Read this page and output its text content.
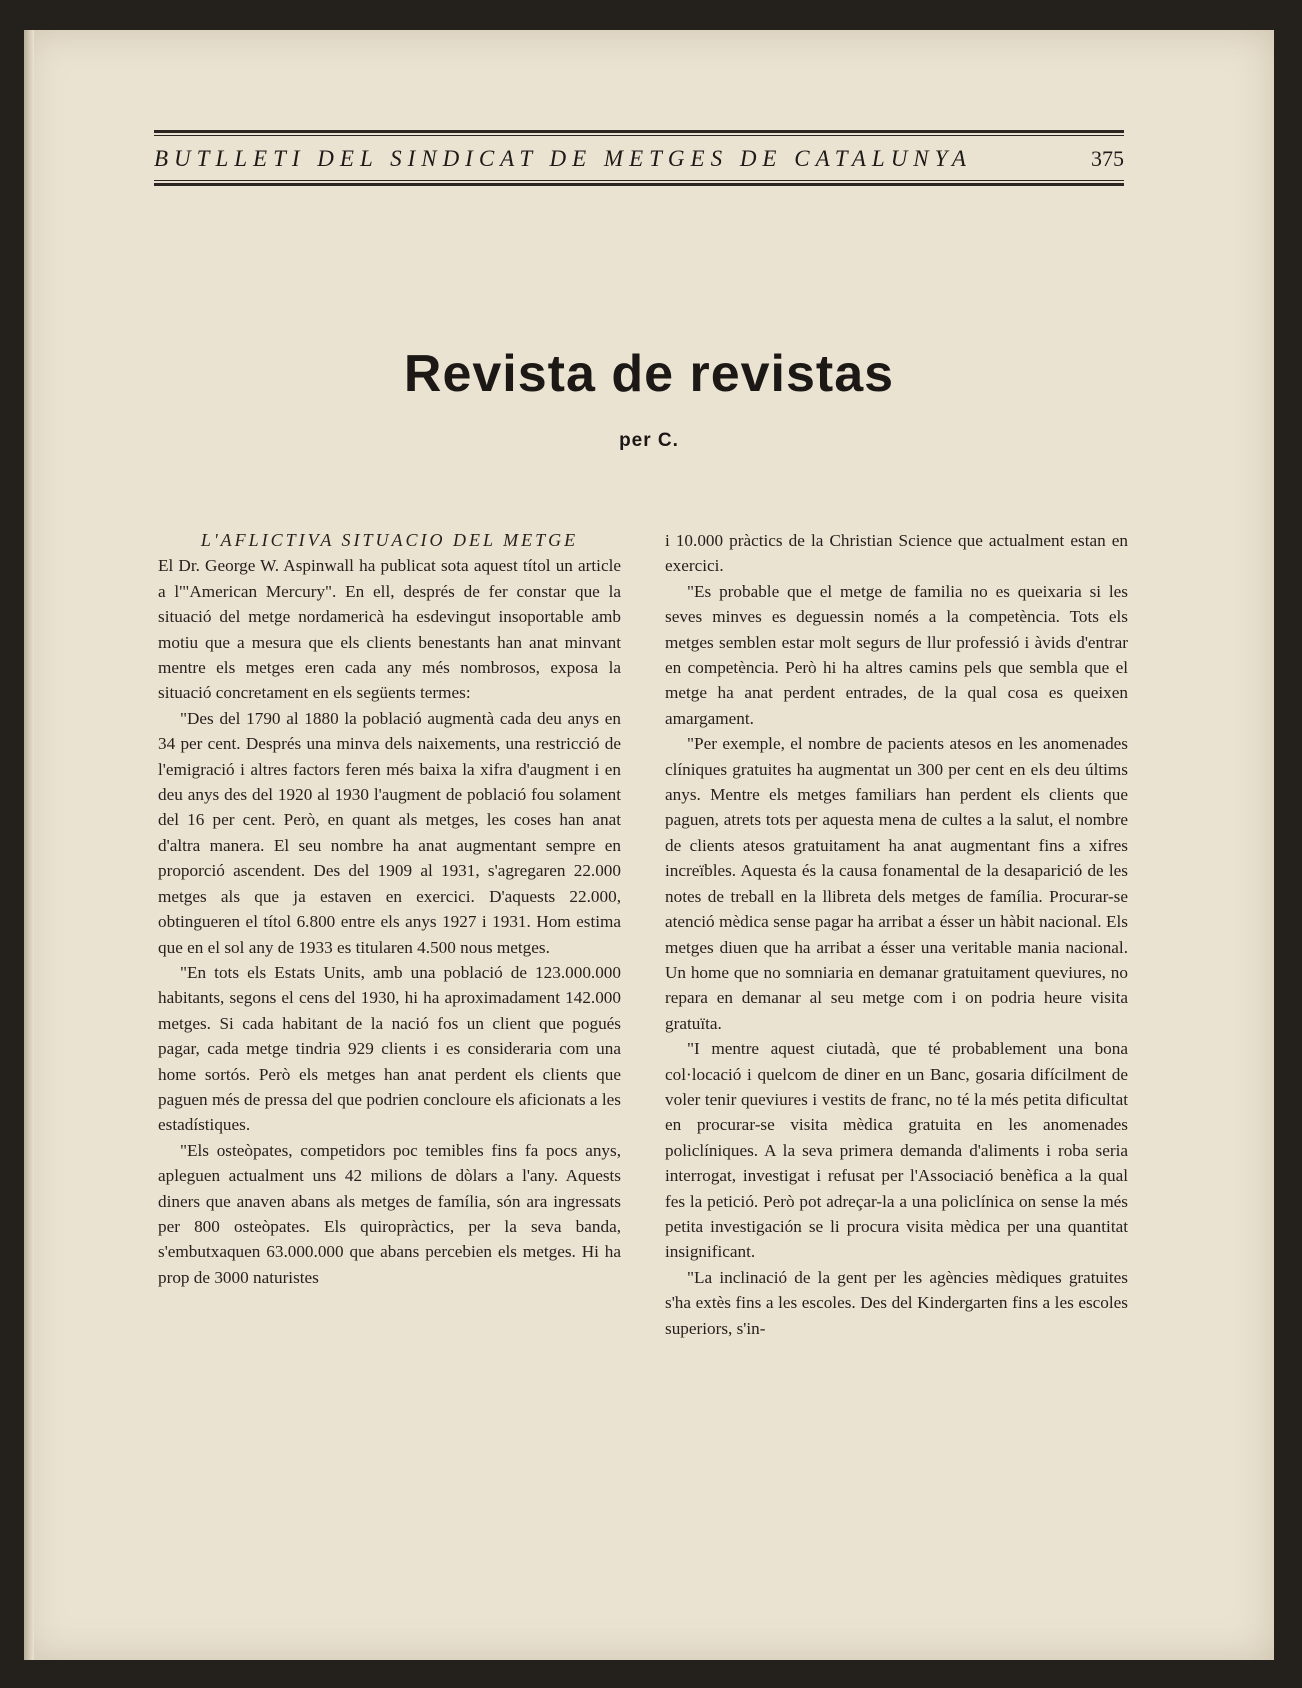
BUTLLETI DEL SINDICAT DE METGES DE CATALUNYA	375
Revista de revistas
per C.

L'AFLICTIVA SITUACIO DEL METGE

El Dr. George W. Aspinwall ha publicat sota aquest títol un article a l'"American Mercury". En ell, després de fer constar que la situació del metge nordamericà ha esdevingut insoportable amb motiu que a mesura que els clients benestants han anat minvant mentre els metges eren cada any més nombrosos, exposa la situació concretament en els següents termes:

"Des del 1790 al 1880 la població augmentà cada deu anys en 34 per cent. Després una minva dels naixements, una restricció de l'emigració i altres factors feren més baixa la xifra d'augment i en deu anys des del 1920 al 1930 l'augment de població fou solament del 16 per cent. Però, en quant als metges, les coses han anat d'altra manera. El seu nombre ha anat augmentant sempre en proporció ascendent. Des del 1909 al 1931, s'agregaren 22.000 metges als que ja estaven en exercici. D'aquests 22.000, obtingueren el títol 6.800 entre els anys 1927 i 1931. Hom estima que en el sol any de 1933 es titularen 4.500 nous metges.

"En tots els Estats Units, amb una població de 123.000.000 habitants, segons el cens del 1930, hi ha aproximadament 142.000 metges. Si cada habitant de la nació fos un client que pogués pagar, cada metge tindria 929 clients i es consideraria com una home sortós. Però els metges han anat perdent els clients que paguen més de pressa del que podrien concloure els aficionats a les estadístiques.

"Els osteòpates, competidors poc temibles fins fa pocs anys, apleguen actualment uns 42 milions de dòlars a l'any. Aquests diners que anaven abans als metges de família, són ara ingressats per 800 osteòpates. Els quiropràctics, per la seva banda, s'embutxaquen 63.000.000 que abans percebien els metges. Hi ha prop de 3000 naturistes

i 10.000 pràctics de la Christian Science que actualment estan en exercici.

"Es probable que el metge de familia no es queixaria si les seves minves es deguessin només a la competència. Tots els metges semblen estar molt segurs de llur professió i àvids d'entrar en competència. Però hi ha altres camins pels que sembla que el metge ha anat perdent entrades, de la qual cosa es queixen amargament.

"Per exemple, el nombre de pacients atesos en les anomenades clíniques gratuites ha augmentat un 300 per cent en els deu últims anys. Mentre els metges familiars han perdent els clients que paguen, atrets tots per aquesta mena de cultes a la salut, el nombre de clients atesos gratuitament ha anat augmentant fins a xifres increïbles. Aquesta és la causa fonamental de la desaparició de les notes de treball en la llibreta dels metges de família. Procurar-se atenció mèdica sense pagar ha arribat a ésser un hàbit nacional. Els metges diuen que ha arribat a ésser una veritable mania nacional. Un home que no somniaria en demanar gratuitament queviures, no repara en demanar al seu metge com i on podria heure visita gratuïta.

"I mentre aquest ciutadà, que té probablement una bona col·locació i quelcom de diner en un Banc, gosaria difícilment de voler tenir queviures i vestits de franc, no té la més petita dificultat en procurar-se visita mèdica gratuita en les anomenades policlíniques. A la seva primera demanda d'aliments i roba seria interrogat, investigat i refusat per l'Associació benèfica a la qual fes la petició. Però pot adreçar-la a una policlínica on sense la més petita investigación se li procura visita mèdica per una quantitat insignificant.

"La inclinació de la gent per les agències mèdiques gratuites s'ha extès fins a les escoles. Des del Kindergarten fins a les escoles superiors, s'in-
